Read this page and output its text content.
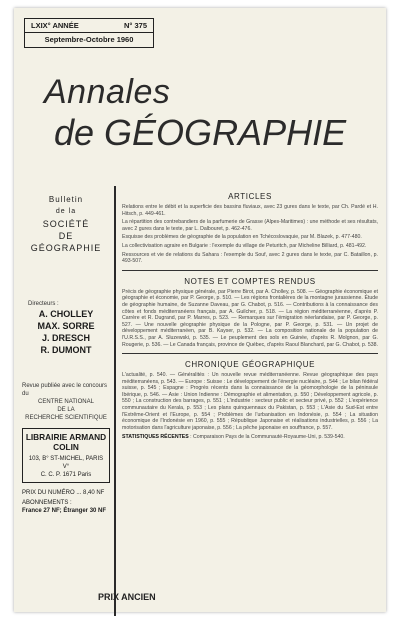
LXIX° ANNÉE	N° 375
Septembre-Octobre 1960
Annales
de GÉOGRAPHIE
Bulletin
de la
SOCIÉTÉ
DE GÉOGRAPHIE
Directeurs :
A. CHOLLEY
MAX. SORRE
J. DRESCH
R. DUMONT
Revue publiée avec le concours du
CENTRE NATIONAL
DE LA
RECHERCHE SCIENTIFIQUE
LIBRAIRIE ARMAND COLIN
103, B° ST-MICHEL, PARIS V°
C. C. P. 1671 Paris
PRIX DU NUMÉRO ... 8,40 NF
ABONNEMENTS :
France 27 NF; Étranger 30 NF
PRIX ANCIEN
ARTICLES

Relations entre le débit et la superficie des bassins fluviaux, avec 23 gures dans le texte, par Ch. Pardé et H. Hitsch, p. 449-461.

La répartition des contrebandiers de la parfumerie de Grasse (Alpes-Maritimes) : une méthode et ses résultats, avec 2 gures dans le texte, par L. Dalbouret, p. 462-476.

Esquisse des problèmes de géographie de la population en Tchécoslovaquie, par M. Blazek, p. 477-480.

La collectivisation agraire en Bulgarie : l'exemple du village de Peturitch, par Micheline Billiard, p. 481-492.

Ressources et vie de relations du Sahara : l'exemple du Souf, avec 2 gures dans le texte, par C. Bataillon, p. 493-507.

NOTES ET COMPTES RENDUS

Précis de géographie physique générale, par Pierre Birot, par A. Cholley, p. 508. — Géographie économique et géographie et économie, par P. George, p. 510. — Les régions frontalières de la montagne jurassienne. Étude de géographie humaine, de Suzanne Daveau, par G. Chabot, p. 516. — Contributions à la connaissance des côtes et fonds méditerranéens français, par A. Guilcher, p. 518. — La région méditerranéenne, d'après P. Carrère et R. Dugrand, par P. Marres, p. 523. — Remarques sur l'émigration néerlandaise, par P. George, p. 527. — Une nouvelle géographie physique de la Pologne, par P. George, p. 531. — Un projet de développement méditerranéen, par B. Kayser, p. 532. — La composition nationale de la population de l'U.R.S.S., par A. Sluzewski, p. 535. — Le peuplement des sols en Guinée, d'après R. Molgnon, par G. Rougerie, p. 536. — Le Canada français, province de Québec, d'après Raoul Blanchard, par G. Chabot, p. 538.

CHRONIQUE GÉOGRAPHIQUE

L'actualité, p. 540. — Généralités : Un nouvelle revue méditerranéenne. Revue géographique des pays méditerranéens, p. 543. — Europe : Suisse : Le développement de l'énergie nucléaire, p. 544 ; Le bilan fédéral suisse, p. 545 ; Espagne : Progrès récents dans la connaissance de la géomorphologie de la péninsule Ibérique, p. 546. — Asie : Union Indienne : Démographie et alimentation, p. 550 ; Développement agricole, p. 550 ; La construction des barrages, p. 551 ; L'industrie : secteur public et secteur privé, p. 552 ; L'expérience communautaire du Kerala, p. 553 ; Les plans quinquennaux du Pakistan, p. 553 ; L'Asie du Sud-Est entre l'Extrême-Orient et l'Europe, p. 554 ; Problèmes de l'urbanisation en Indonésie, p. 554 ; La situation économique de l'Indonésie en 1960, p. 555 ; République Japonaise et réalisations industrielles, p. 556 ; La motorisation dans l'agriculture japonaise, p. 556 ; La pêche japonaise en souffrance, p. 557.

STATISTIQUES RÉCENTES : Comparaison Pays de la Communauté-Royaume-Uni, p. 539-540.
